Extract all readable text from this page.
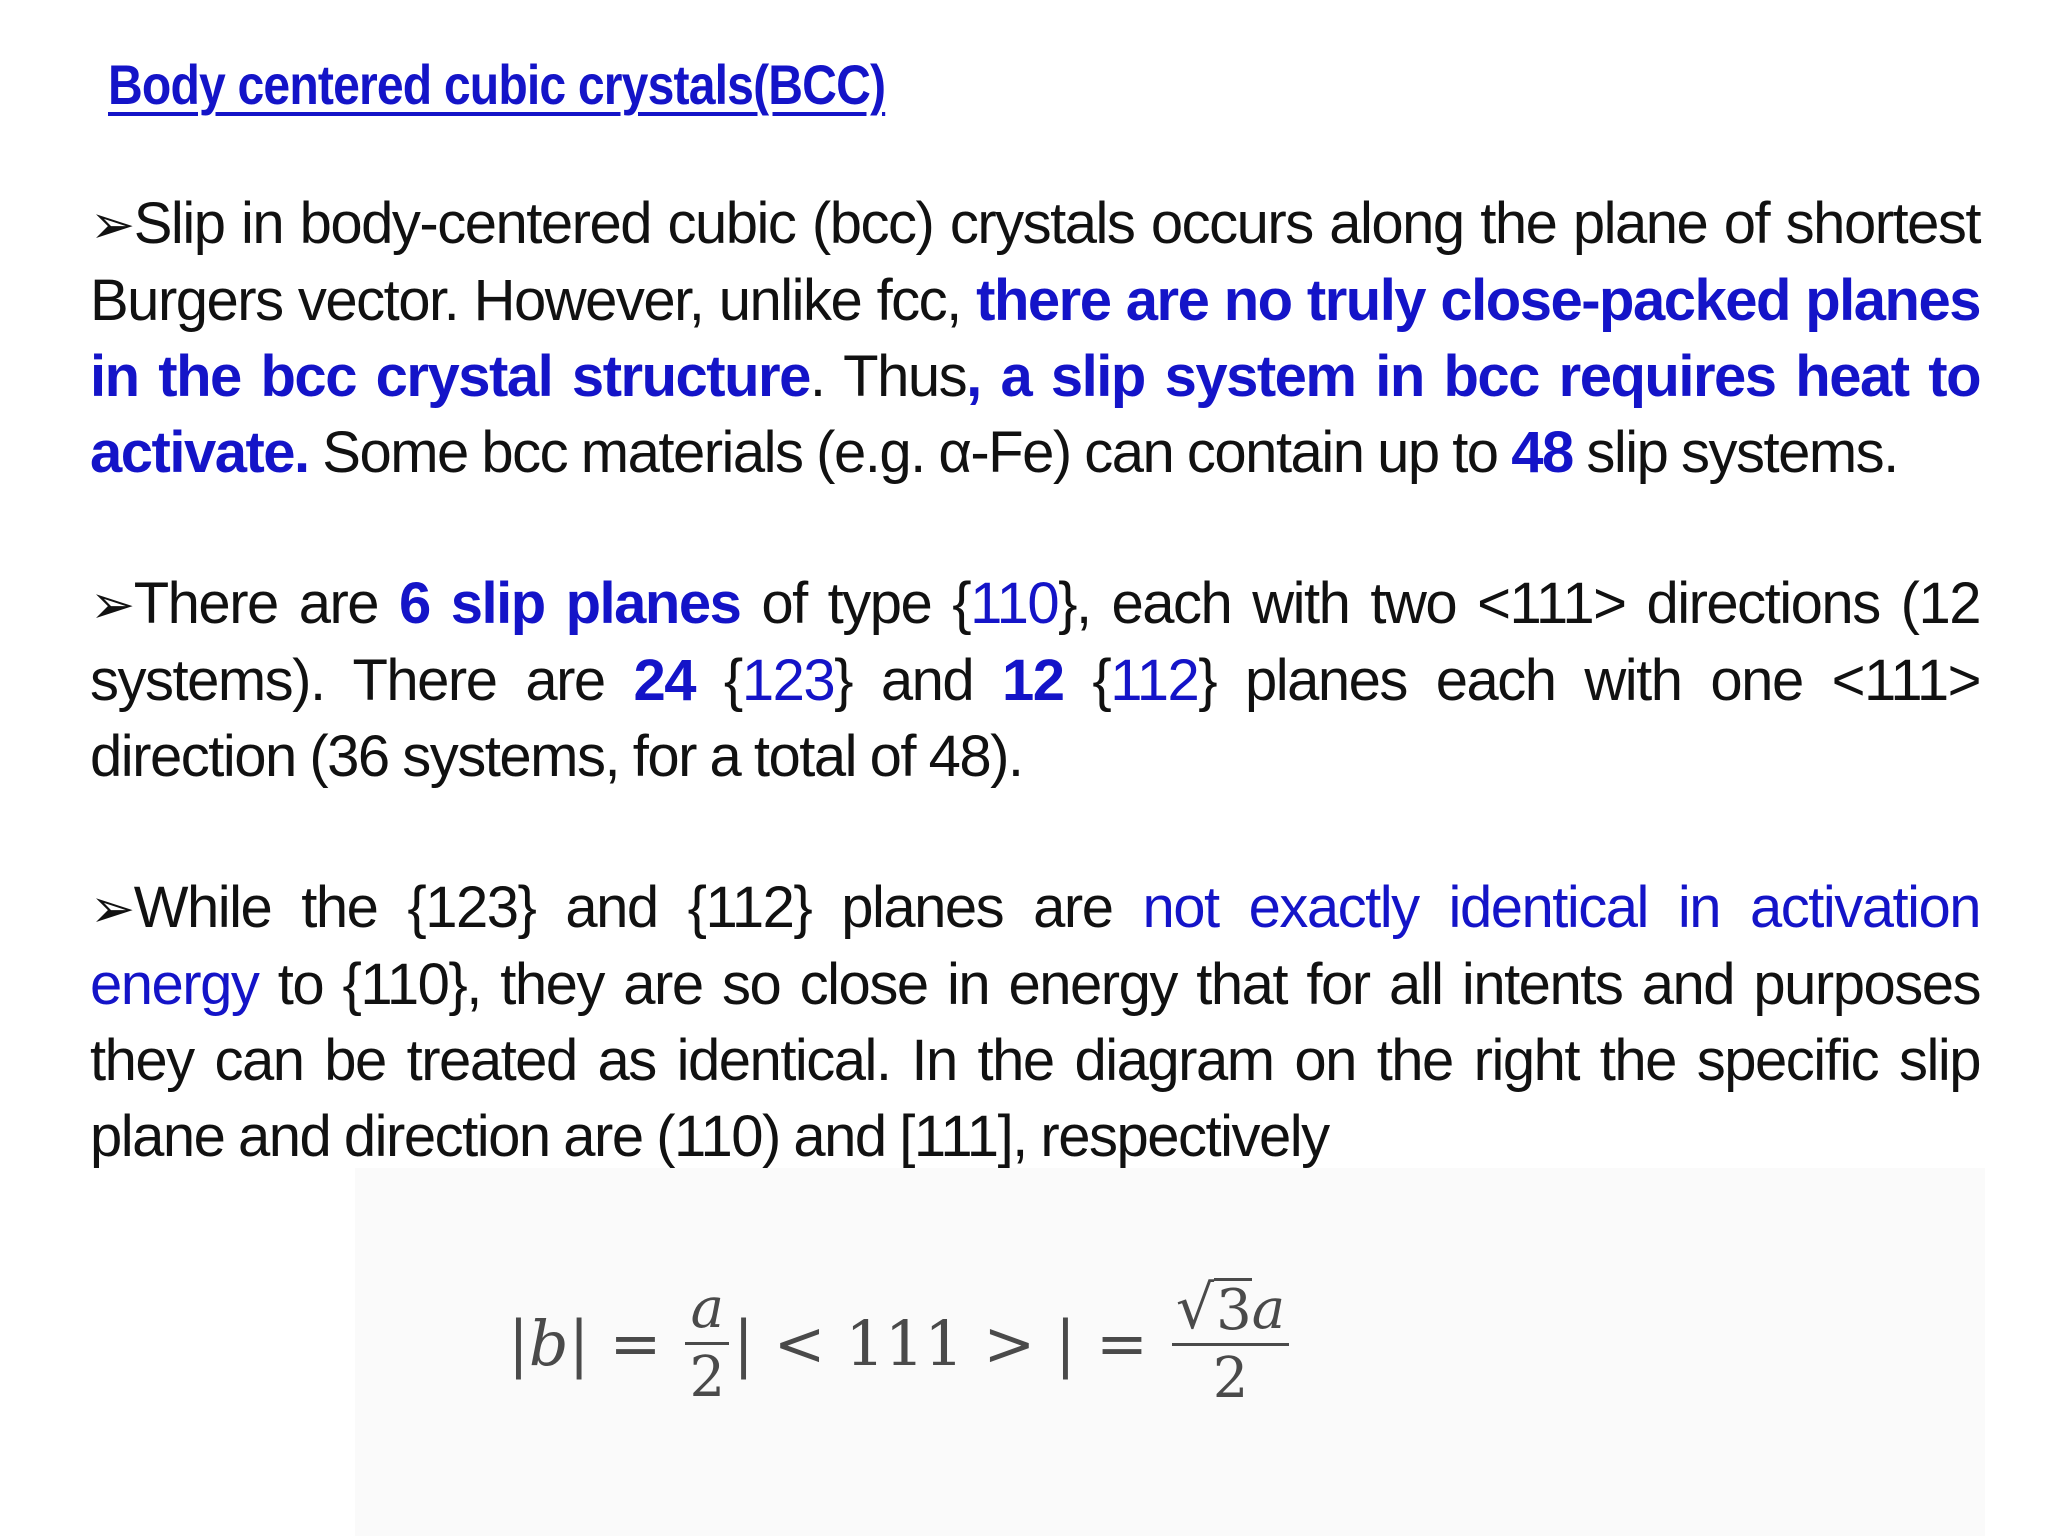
Body centered cubic crystals(BCC)

➢Slip in body-centered cubic (bcc) crystals occurs along the plane of shortest Burgers vector. However, unlike fcc, there are no truly close-packed planes in the bcc crystal structure. Thus, a slip system in bcc requires heat to activate. Some bcc materials (e.g. α-Fe) can contain up to 48 slip systems.

➢There are 6 slip planes of type {110}, each with two <111> directions (12 systems). There are 24 {123} and 12 {112} planes each with one <111> direction (36 systems, for a total of 48).

➢While the {123} and {112} planes are not exactly identical in activation energy to {110}, they are so close in energy that for all intents and purposes they can be treated as identical. In the diagram on the right the specific slip plane and direction are (110) and [111], respectively

| b | = $\frac{a}{2}$ | < 111 > | = $\frac{√ 3 a}{2}$
